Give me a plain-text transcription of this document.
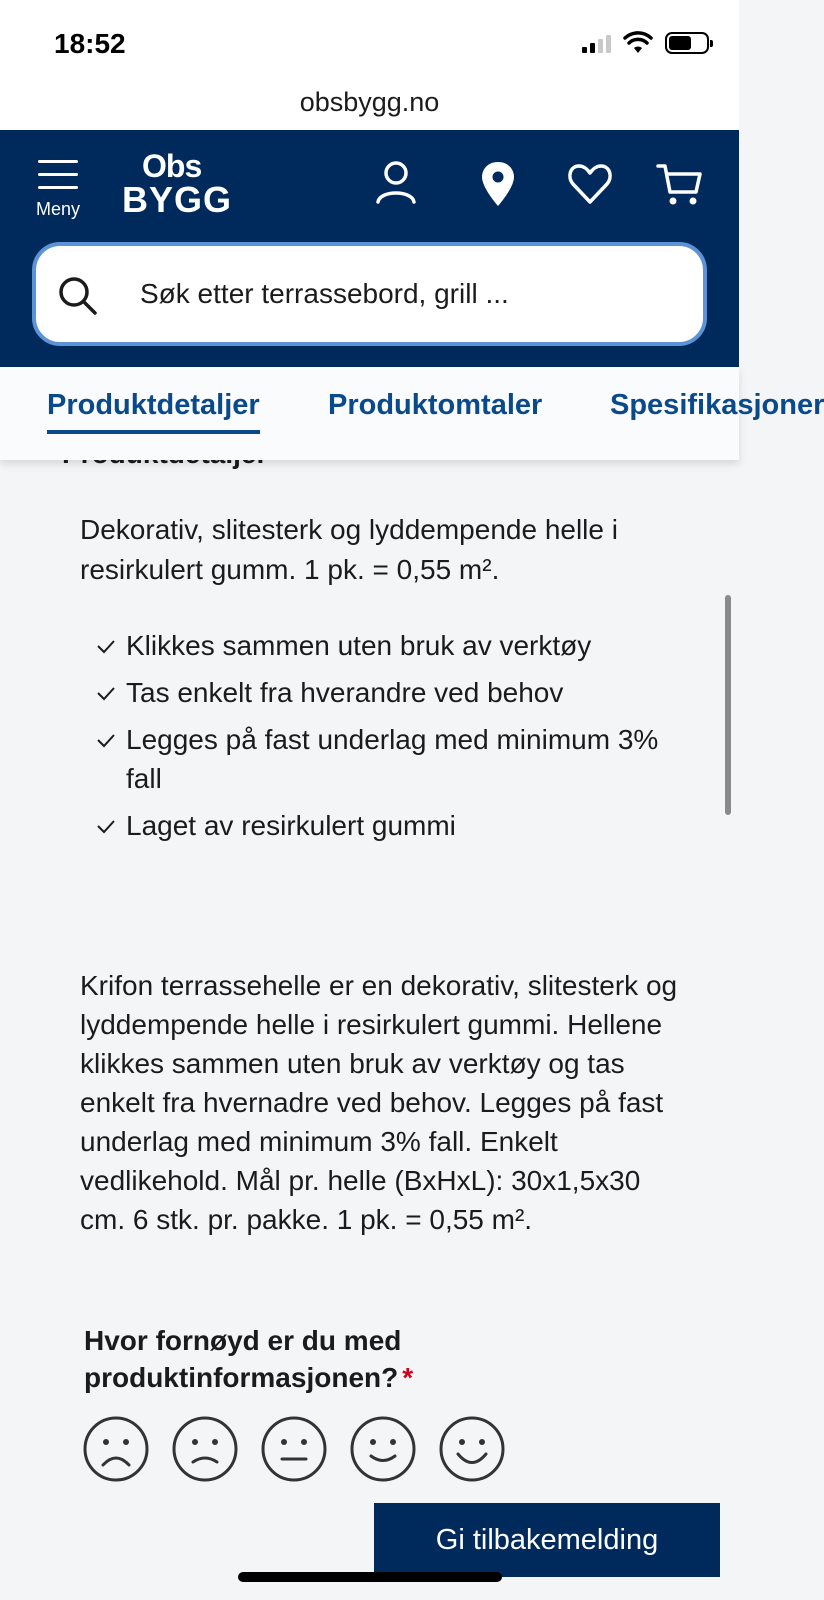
18:52
obsbygg.no
Meny
Obs
BYGG
Søk etter terrassebord, grill ...
Produktdetaljer Produktomtaler Spesifikasjoner

Dekorativ, slitesterk og lyddempende helle i resirkulert gumm. 1 pk. = 0,55 m².

Klikkes sammen uten bruk av verktøy
Tas enkelt fra hverandre ved behov
Legges på fast underlag med minimum 3% fall
Laget av resirkulert gummi

Krifon terrassehelle er en dekorativ, slitesterk og lyddempende helle i resirkulert gummi. Hellene klikkes sammen uten bruk av verktøy og tas enkelt fra hvernadre ved behov. Legges på fast underlag med minimum 3% fall. Enkelt vedlikehold. Mål pr. helle (BxHxL): 30x1,5x30 cm. 6 stk. pr. pakke. 1 pk. = 0,55 m².

Hvor fornøyd er du med produktinformasjonen? *
Gi tilbakemelding
